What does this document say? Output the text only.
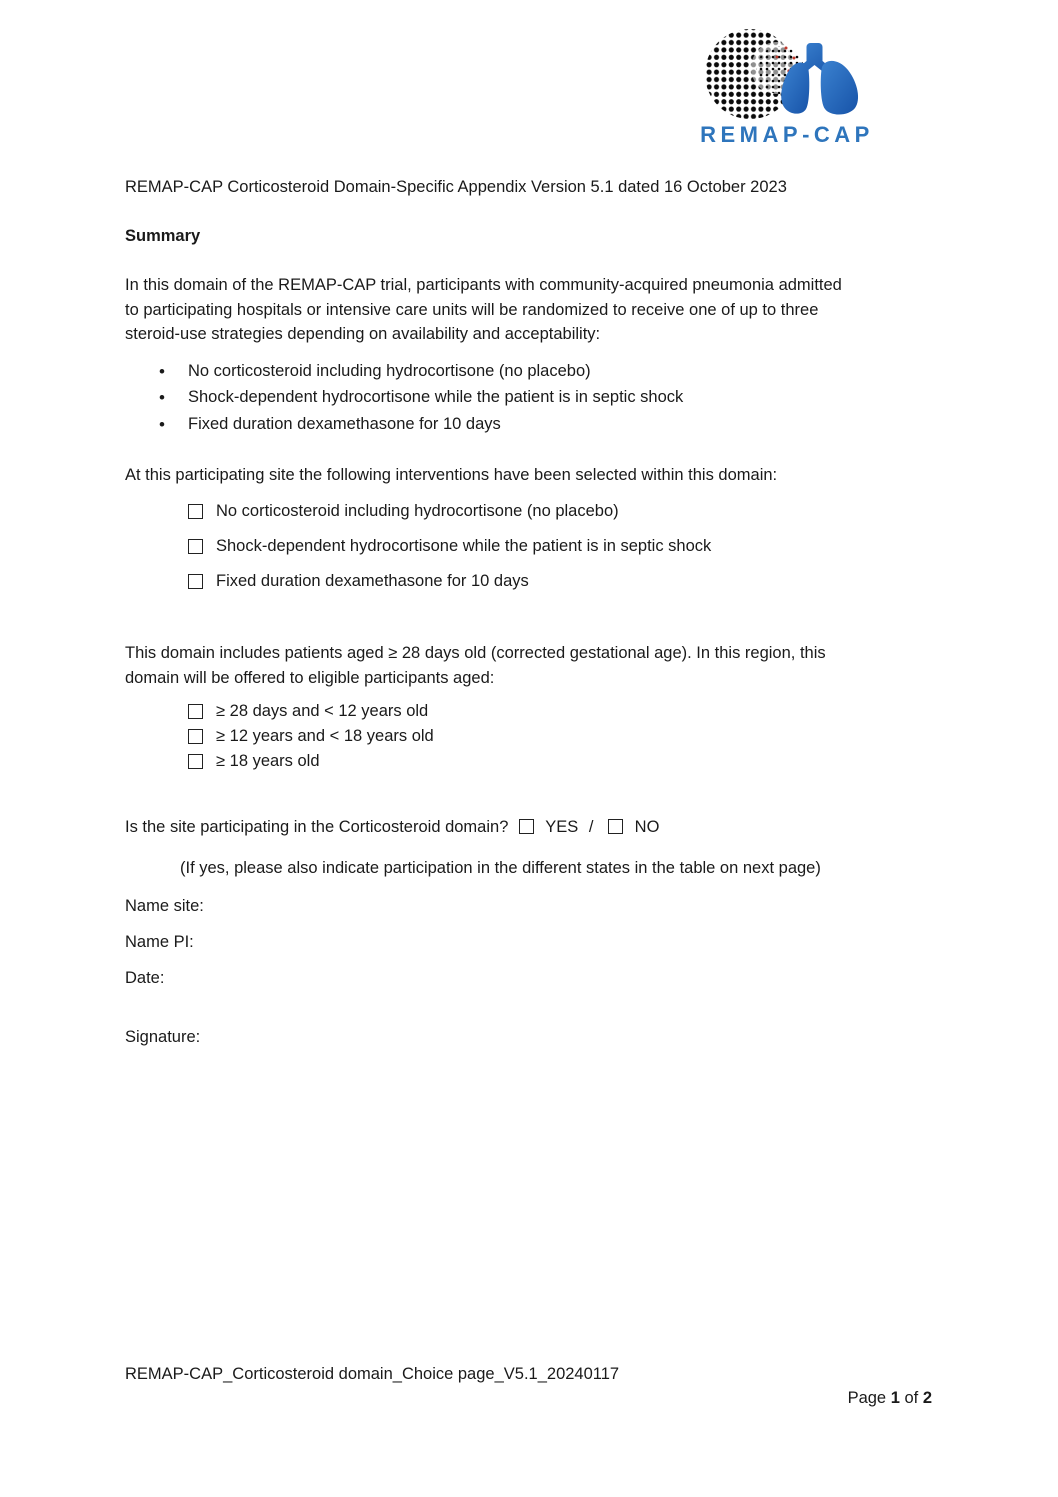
REMAP-CAP
REMAP-CAP Corticosteroid Domain-Specific Appendix Version 5.1 dated 16 October 2023
Summary
In this domain of the REMAP-CAP trial, participants with community-acquired pneumonia admitted
to participating hospitals or intensive care units will be randomized to receive one of up to three
steroid-use strategies depending on availability and acceptability:
•
No corticosteroid including hydrocortisone (no placebo)
•
Shock-dependent hydrocortisone while the patient is in septic shock
•
Fixed duration dexamethasone for 10 days
At this participating site the following interventions have been selected within this domain:
No corticosteroid including hydrocortisone (no placebo)
Shock-dependent hydrocortisone while the patient is in septic shock
Fixed duration dexamethasone for 10 days
This domain includes patients aged ≥ 28 days old (corrected gestational age). In this region, this
domain will be offered to eligible participants aged:
≥ 28 days and < 12 years old
≥ 12 years and < 18 years old
≥ 18 years old
Is the site participating in the Corticosteroid domain? YES / NO
(If yes, please also indicate participation in the different states in the table on next page)
Name site:
Name PI:
Date:
Signature:
REMAP-CAP_Corticosteroid domain_Choice page_V5.1_20240117
Page 1 of 2
